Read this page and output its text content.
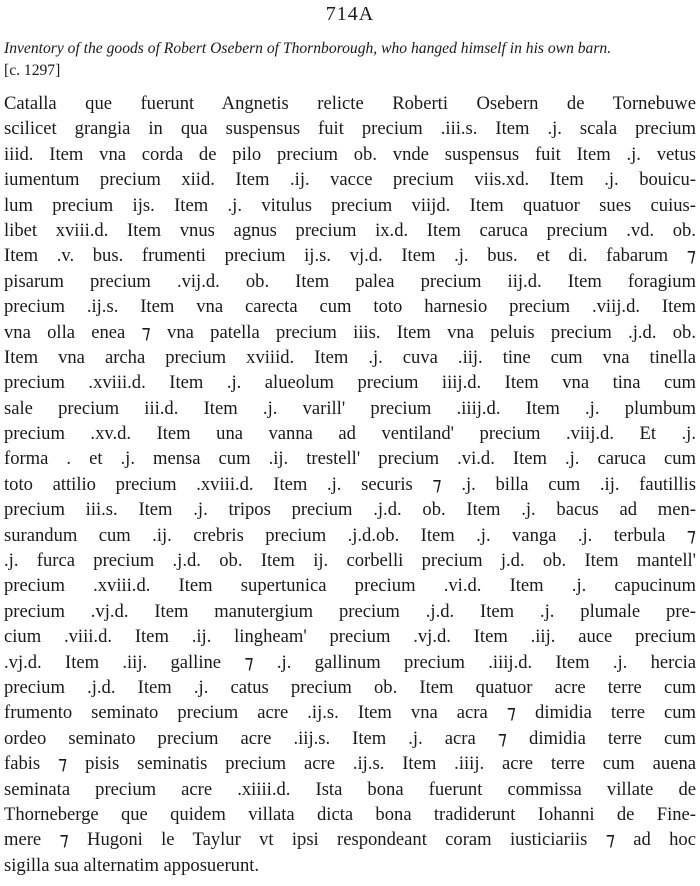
714A
Inventory of the goods of Robert Osebern of Thornborough, who hanged himself in his own barn.
[c. 1297]
Catalla que fuerunt Angnetis relicte Roberti Osebern de Tornebuwe
scilicet grangia in qua suspensus fuit precium .iii.s. Item .j. scala precium
iiid. Item vna corda de pilo precium ob. vnde suspensus fuit Item .j. vetus
iumentum precium xiid. Item .ij. vacce precium viis.xd. Item .j. bouicu-
lum precium ijs. Item .j. vitulus precium viijd. Item quatuor sues cuius-
libet xviii.d. Item vnus agnus precium ix.d. Item caruca precium .vd. ob.
Item .v. bus. frumenti precium ij.s. vj.d. Item .j. bus. et di. fabarum ⁊
pisarum precium .vij.d. ob. Item palea precium iij.d. Item foragium
precium .ij.s. Item vna carecta cum toto harnesio precium .viij.d. Item
vna olla enea ⁊ vna patella precium iiis. Item vna peluis precium .j.d. ob.
Item vna archa precium xviiid. Item .j. cuva .iij. tine cum vna tinella
precium .xviii.d. Item .j. alueolum precium iiij.d. Item vna tina cum
sale precium iii.d. Item .j. varill' precium .iiij.d. Item .j. plumbum
precium .xv.d. Item una vanna ad ventiland' precium .viij.d. Et .j.
forma . et .j. mensa cum .ij. trestell' precium .vi.d. Item .j. caruca cum
toto attilio precium .xviii.d. Item .j. securis ⁊ .j. billa cum .ij. fautillis
precium iii.s. Item .j. tripos precium .j.d. ob. Item .j. bacus ad men-
surandum cum .ij. crebris precium .j.d.ob. Item .j. vanga .j. terbula ⁊
.j. furca precium .j.d. ob. Item ij. corbelli precium j.d. ob. Item mantell'
precium .xviii.d. Item supertunica precium .vi.d. Item .j. capucinum
precium .vj.d. Item manutergium precium .j.d. Item .j. plumale pre-
cium .viii.d. Item .ij. lingheam' precium .vj.d. Item .iij. auce precium
.vj.d. Item .iij. galline ⁊ .j. gallinum precium .iiij.d. Item .j. hercia
precium .j.d. Item .j. catus precium ob. Item quatuor acre terre cum
frumento seminato precium acre .ij.s. Item vna acra ⁊ dimidia terre cum
ordeo seminato precium acre .iij.s. Item .j. acra ⁊ dimidia terre cum
fabis ⁊ pisis seminatis precium acre .ij.s. Item .iiij. acre terre cum auena
seminata precium acre .xiiii.d. Ista bona fuerunt commissa villate de
Thorneberge que quidem villata dicta bona tradiderunt Iohanni de Fine-
mere ⁊ Hugoni le Taylur vt ipsi respondeant coram iusticiariis ⁊ ad hoc
sigilla sua alternatim apposuerunt.
